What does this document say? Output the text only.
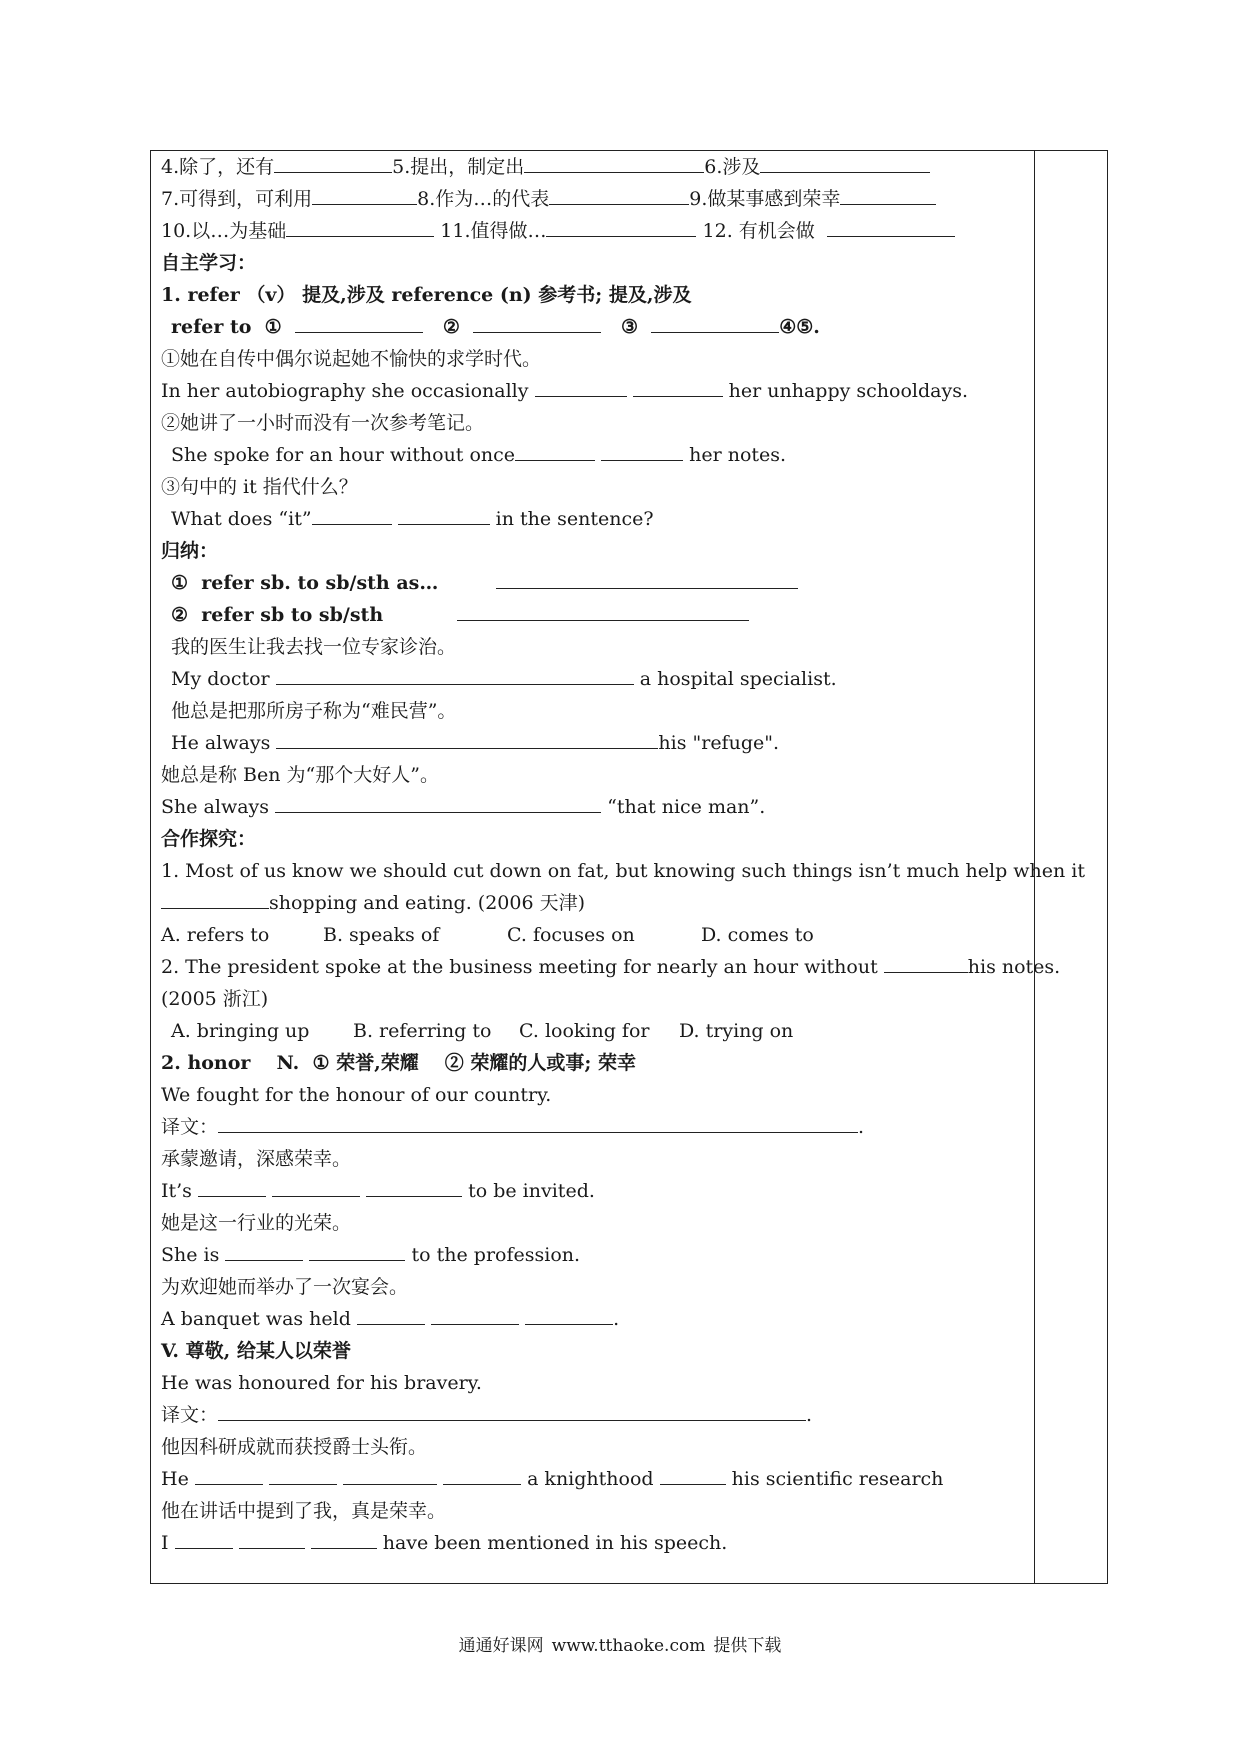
4.除了，还有	5.提出，制定出	6.涉及
7.可得到，可利用	8.作为…的代表	9.做某事感到荣幸
10.以…为基础	11.值得做…	12. 有机会做
自主学习：
1. refer （v） 提及,涉及 reference (n) 参考书; 提及,涉及
refer to ①	②	③	④⑤.
①她在自传中偶尔说起她不愉快的求学时代。
In her autobiography she occasionally	her unhappy schooldays.
②她讲了一小时而没有一次参考笔记。
She spoke for an hour without once	her notes.
③句中的 it 指代什么？
What does “it”	in the sentence?
归纳：
① refer sb. to sb/sth as…
② refer sb to sb/sth
我的医生让我去找一位专家诊治。
My doctor	a hospital specialist.
他总是把那所房子称为“难民营”。
He always	his "refuge".
她总是称 Ben 为“那个大好人”。
She always	“that nice man”.
合作探究：
1. Most of us know we should cut down on fat, but knowing such things isn’t much help when it
shopping and eating. (2006 天津)
A. refers to	B. speaks of	C. focuses on	D. comes to
2. The president spoke at the business meeting for nearly an hour without	his notes.
(2005 浙江)
A. bringing up B. referring to C. looking for D. trying on
2. honor N. ① 荣誉,荣耀 ② 荣耀的人或事; 荣幸
We fought for the honour of our country.
译文：	.
承蒙邀请，深感荣幸。
It’s	to be invited.
她是这一行业的光荣。
She is	to the profession.
为欢迎她而举办了一次宴会。
A banquet was held	.
V. 尊敬, 给某人以荣誉
He was honoured for his bravery.
译文：	.
他因科研成就而获授爵士头衔。
He	a knighthood	his scientific research
他在讲话中提到了我，真是荣幸。
I	have been mentioned in his speech.
通通好课网 www.tthaoke.com 提供下载
